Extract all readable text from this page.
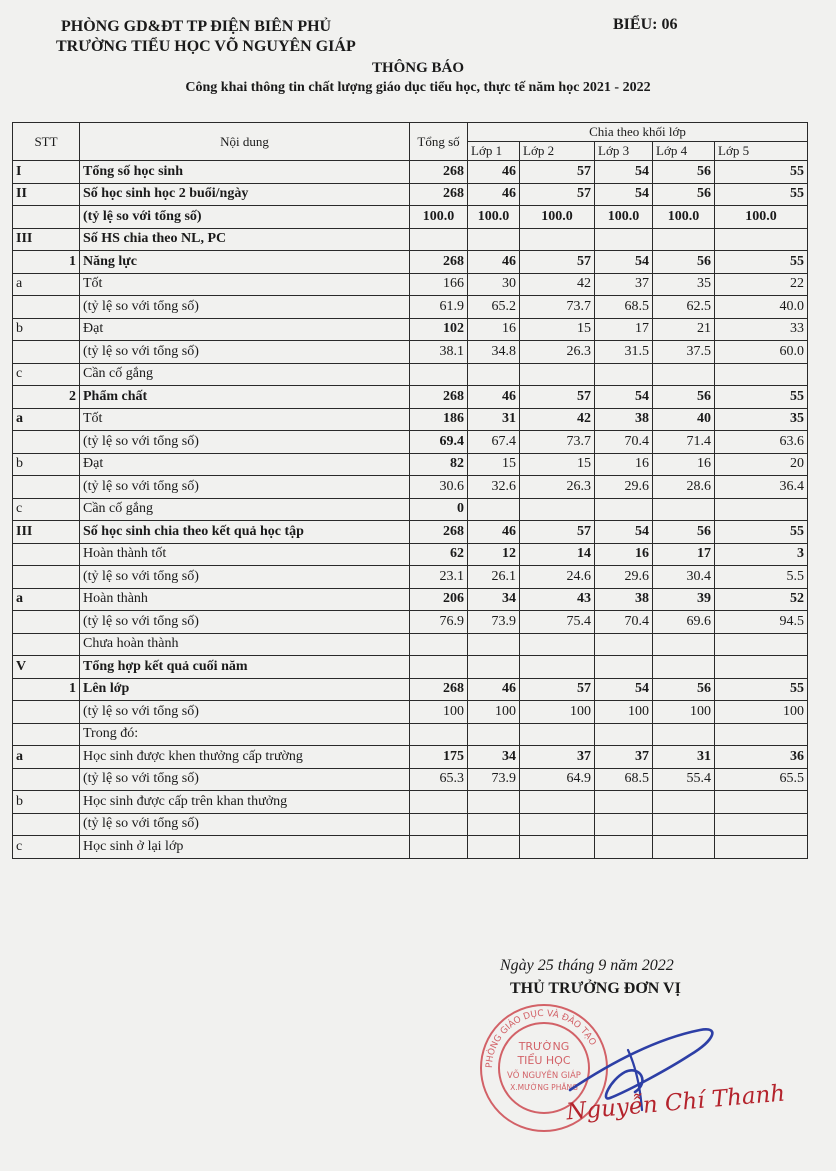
PHÒNG GD&ĐT TP ĐIỆN BIÊN PHỦ
TRƯỜNG TIỂU HỌC VÕ NGUYÊN GIÁP
BIỂU: 06
THÔNG BÁO
Công khai thông tin chất lượng giáo dục tiểu học, thực tế năm học 2021 - 2022
STT	Nội dung	Tổng số	Chia theo khối lớp				
			Lớp 1	Lớp 2	Lớp 3	Lớp 4	Lớp 5
I	Tổng số học sinh	268	46	57	54	56	55
II	Số học sinh học 2 buổi/ngày	268	46	57	54	56	55
	(tỷ lệ so với tổng số)	100.0	100.0	100.0	100.0	100.0	100.0
III	Số HS chia theo NL, PC						
1	Năng lực	268	46	57	54	56	55
a	Tốt	166	30	42	37	35	22
	(tỷ lệ so với tổng số)	61.9	65.2	73.7	68.5	62.5	40.0
b	Đạt	102	16	15	17	21	33
	(tỷ lệ so với tổng số)	38.1	34.8	26.3	31.5	37.5	60.0
c	Cần cố gắng						
2	Phẩm chất	268	46	57	54	56	55
a	Tốt	186	31	42	38	40	35
	(tỷ lệ so với tổng số)	69.4	67.4	73.7	70.4	71.4	63.6
b	Đạt	82	15	15	16	16	20
	(tỷ lệ so với tổng số)	30.6	32.6	26.3	29.6	28.6	36.4
c	Cần cố gắng	0					
III	Số học sinh chia theo kết quả học tập	268	46	57	54	56	55
	Hoàn thành tốt	62	12	14	16	17	3
	(tỷ lệ so với tổng số)	23.1	26.1	24.6	29.6	30.4	5.5
a	Hoàn thành	206	34	43	38	39	52
	(tỷ lệ so với tổng số)	76.9	73.9	75.4	70.4	69.6	94.5
	Chưa hoàn thành						
V	Tổng hợp kết quả cuối năm						
1	Lên lớp	268	46	57	54	56	55
	(tỷ lệ so với tổng số)	100	100	100	100	100	100
	Trong đó:						
a	Học sinh được khen thưởng cấp trường	175	34	37	37	31	36
	(tỷ lệ so với tổng số)	65.3	73.9	64.9	68.5	55.4	65.5
b	Học sinh được cấp trên khan thưởng						
	(tỷ lệ so với tổng số)						
c	Học sinh ở lại lớp						
Ngày 25 tháng 9 năm 2022
THỦ TRƯỞNG ĐƠN VỊ
PHÒNG GIÁO DỤC VÀ ĐÀO TẠO
TRƯỜNG
TIỂU HỌC
VÕ NGUYÊN GIÁP
X.MƯỜNG PHĂNG
Nguyễn Chí Thanh
